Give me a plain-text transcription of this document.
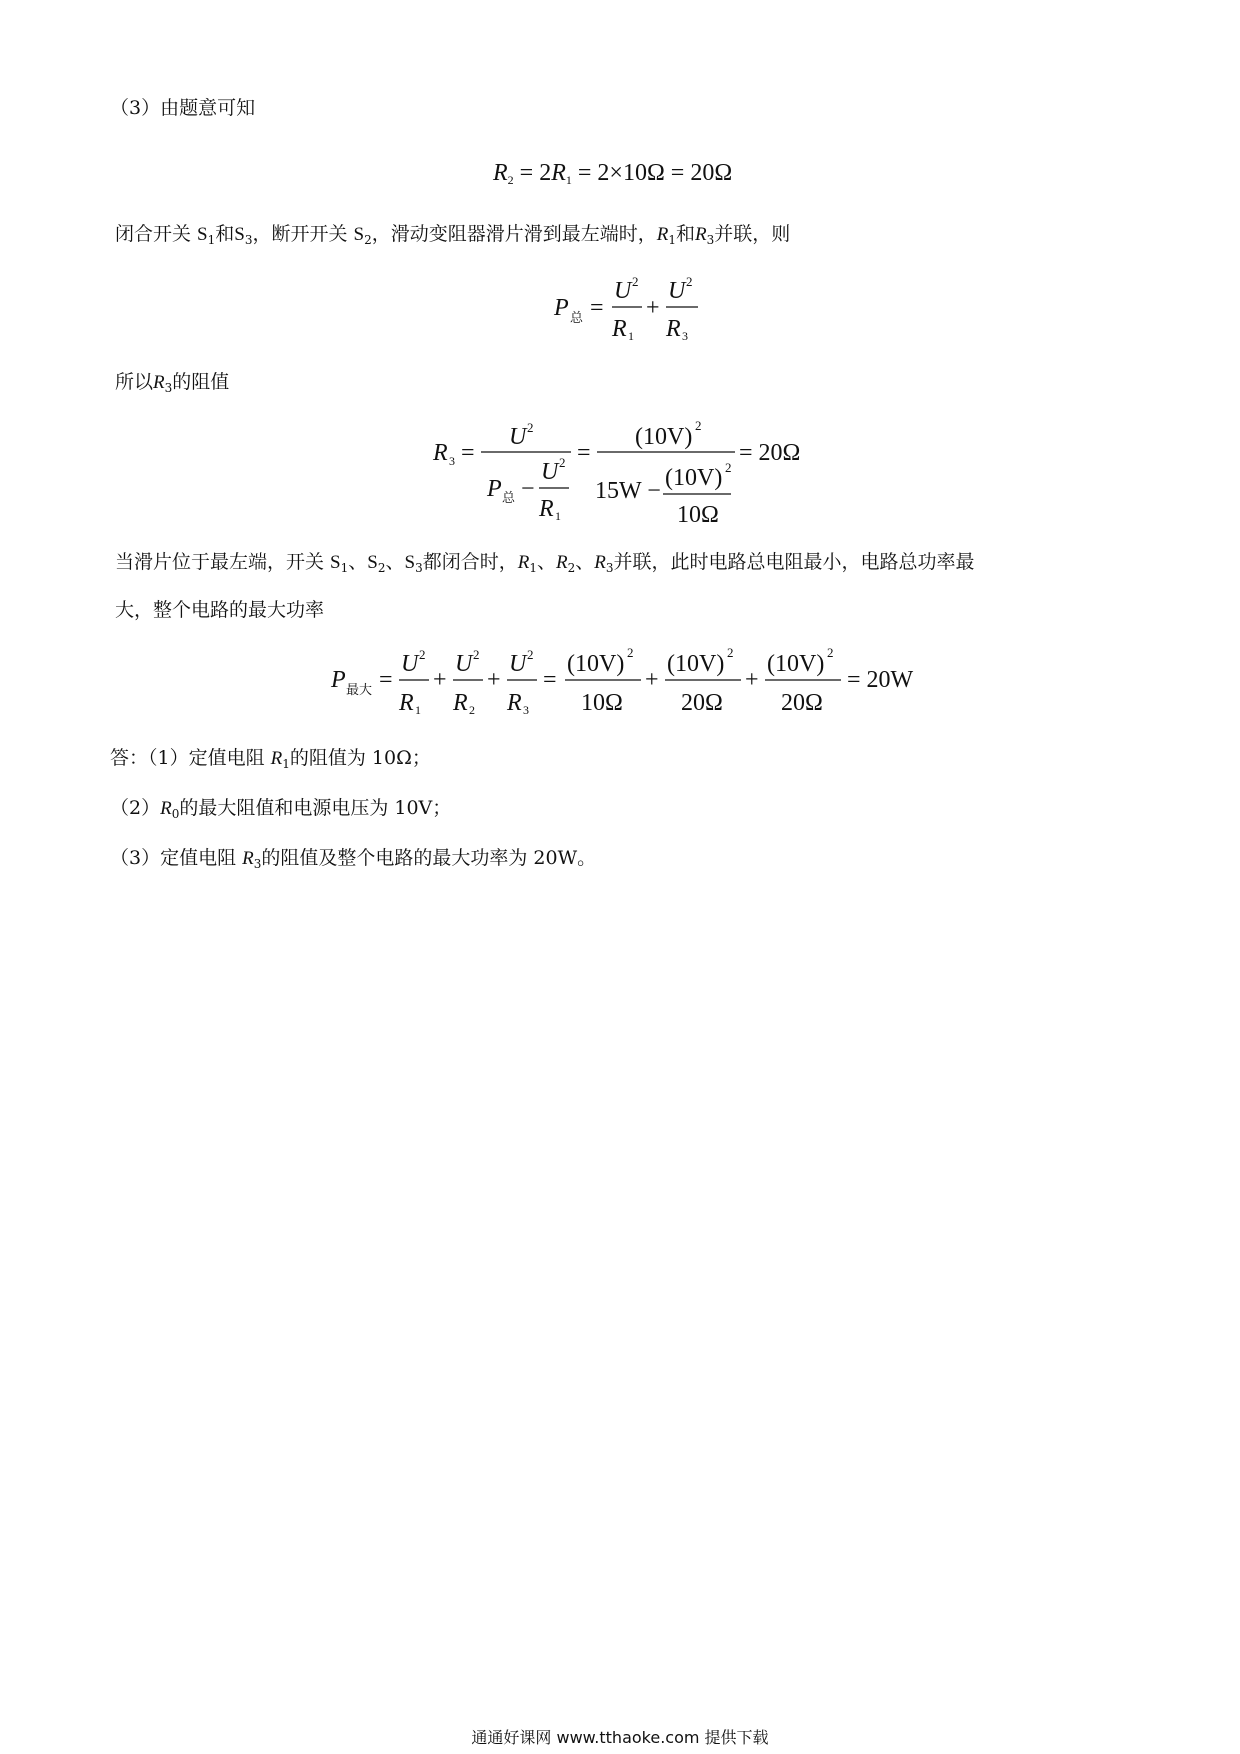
（3）由题意可知
$R_2 = 2R_1 = 2\times 10\Omega = 20\Omega$
闭合开关 $S_1$和$S_3$，断开开关 $S_2$，滑动变阻器滑片滑到最左端时，$R_1$和$R_3$并联，则
P 总 =
U 2
R 1
+
U 2
R 3
所以$R_3$的阻值
R 3 =
U 2
P 总 −
U 2
R 1
=
(10V) 2
15W − (10V) 2
10Ω
= 20Ω
当滑片位于最左端，开关 $S_1$、$S_2$、$S_3$都闭合时，$R_1$、$R_2$、$R_3$并联，此时电路总电阻最小，电路总功率最
大，整个电路的最大功率
P 最大 =
U 2
R 1
+
U 2
R 2
+
U 2
R 3
=
(10V) 2
10Ω
+
(10V) 2
20Ω
+
(10V) 2
20Ω
= 20W
答：（1）定值电阻 $R_1$的阻值为 10Ω；
$(2)R_0$的最大阻值和电源电压为 10V；
（3）定值电阻 $R_3$的阻值及整个电路的最大功率为 20W。
通通好课网 www.tthaoke.com 提供下载
